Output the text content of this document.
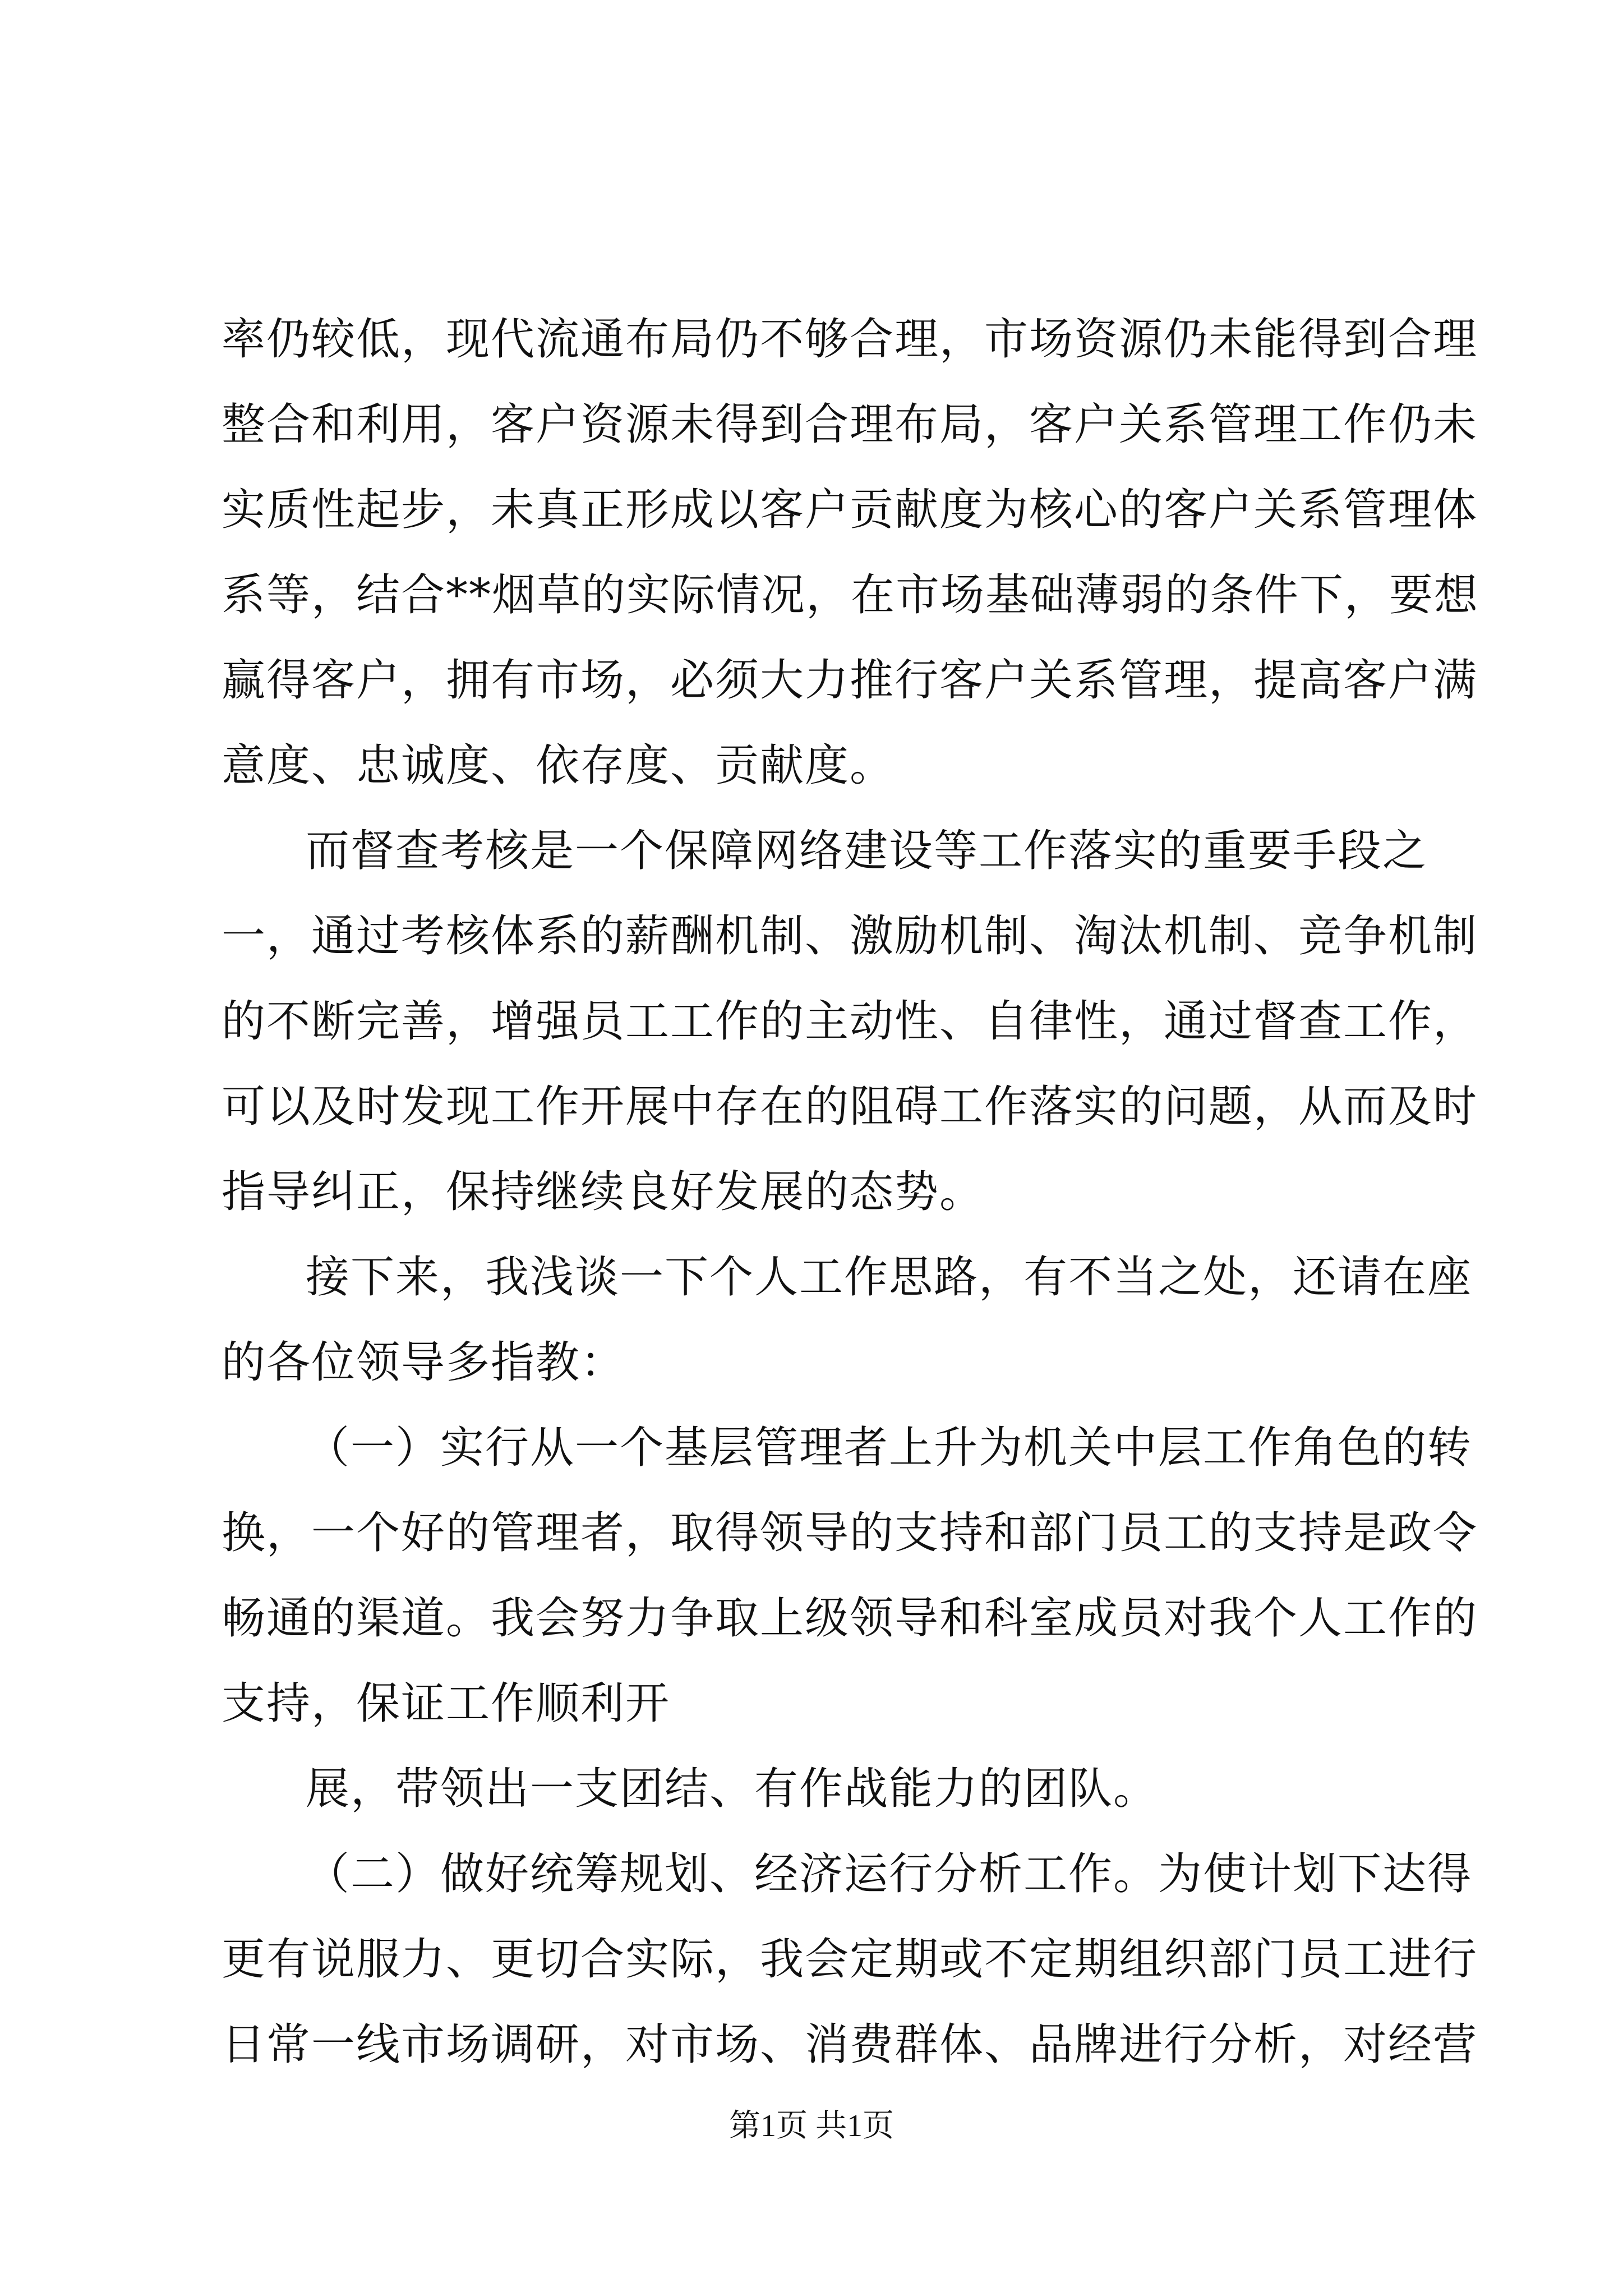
率仍较低，现代流通布局仍不够合理，市场资源仍未能得到合理
整合和利用，客户资源未得到合理布局，客户关系管理工作仍未
实质性起步，未真正形成以客户贡献度为核心的客户关系管理体
系等，结合**烟草的实际情况，在市场基础薄弱的条件下，要想
赢得客户，拥有市场，必须大力推行客户关系管理，提高客户满
意度、忠诚度、依存度、贡献度。
而督查考核是一个保障网络建设等工作落实的重要手段之
一，通过考核体系的薪酬机制、激励机制、淘汰机制、竞争机制
的不断完善，增强员工工作的主动性、自律性，通过督查工作，
可以及时发现工作开展中存在的阻碍工作落实的问题，从而及时
指导纠正，保持继续良好发展的态势。
接下来，我浅谈一下个人工作思路，有不当之处，还请在座
的各位领导多指教：
（一）实行从一个基层管理者上升为机关中层工作角色的转
换，一个好的管理者，取得领导的支持和部门员工的支持是政令
畅通的渠道。我会努力争取上级领导和科室成员对我个人工作的
支持，保证工作顺利开
展，带领出一支团结、有作战能力的团队。
（二）做好统筹规划、经济运行分析工作。为使计划下达得
更有说服力、更切合实际，我会定期或不定期组织部门员工进行
日常一线市场调研，对市场、消费群体、品牌进行分析，对经营
第1页 共1页
